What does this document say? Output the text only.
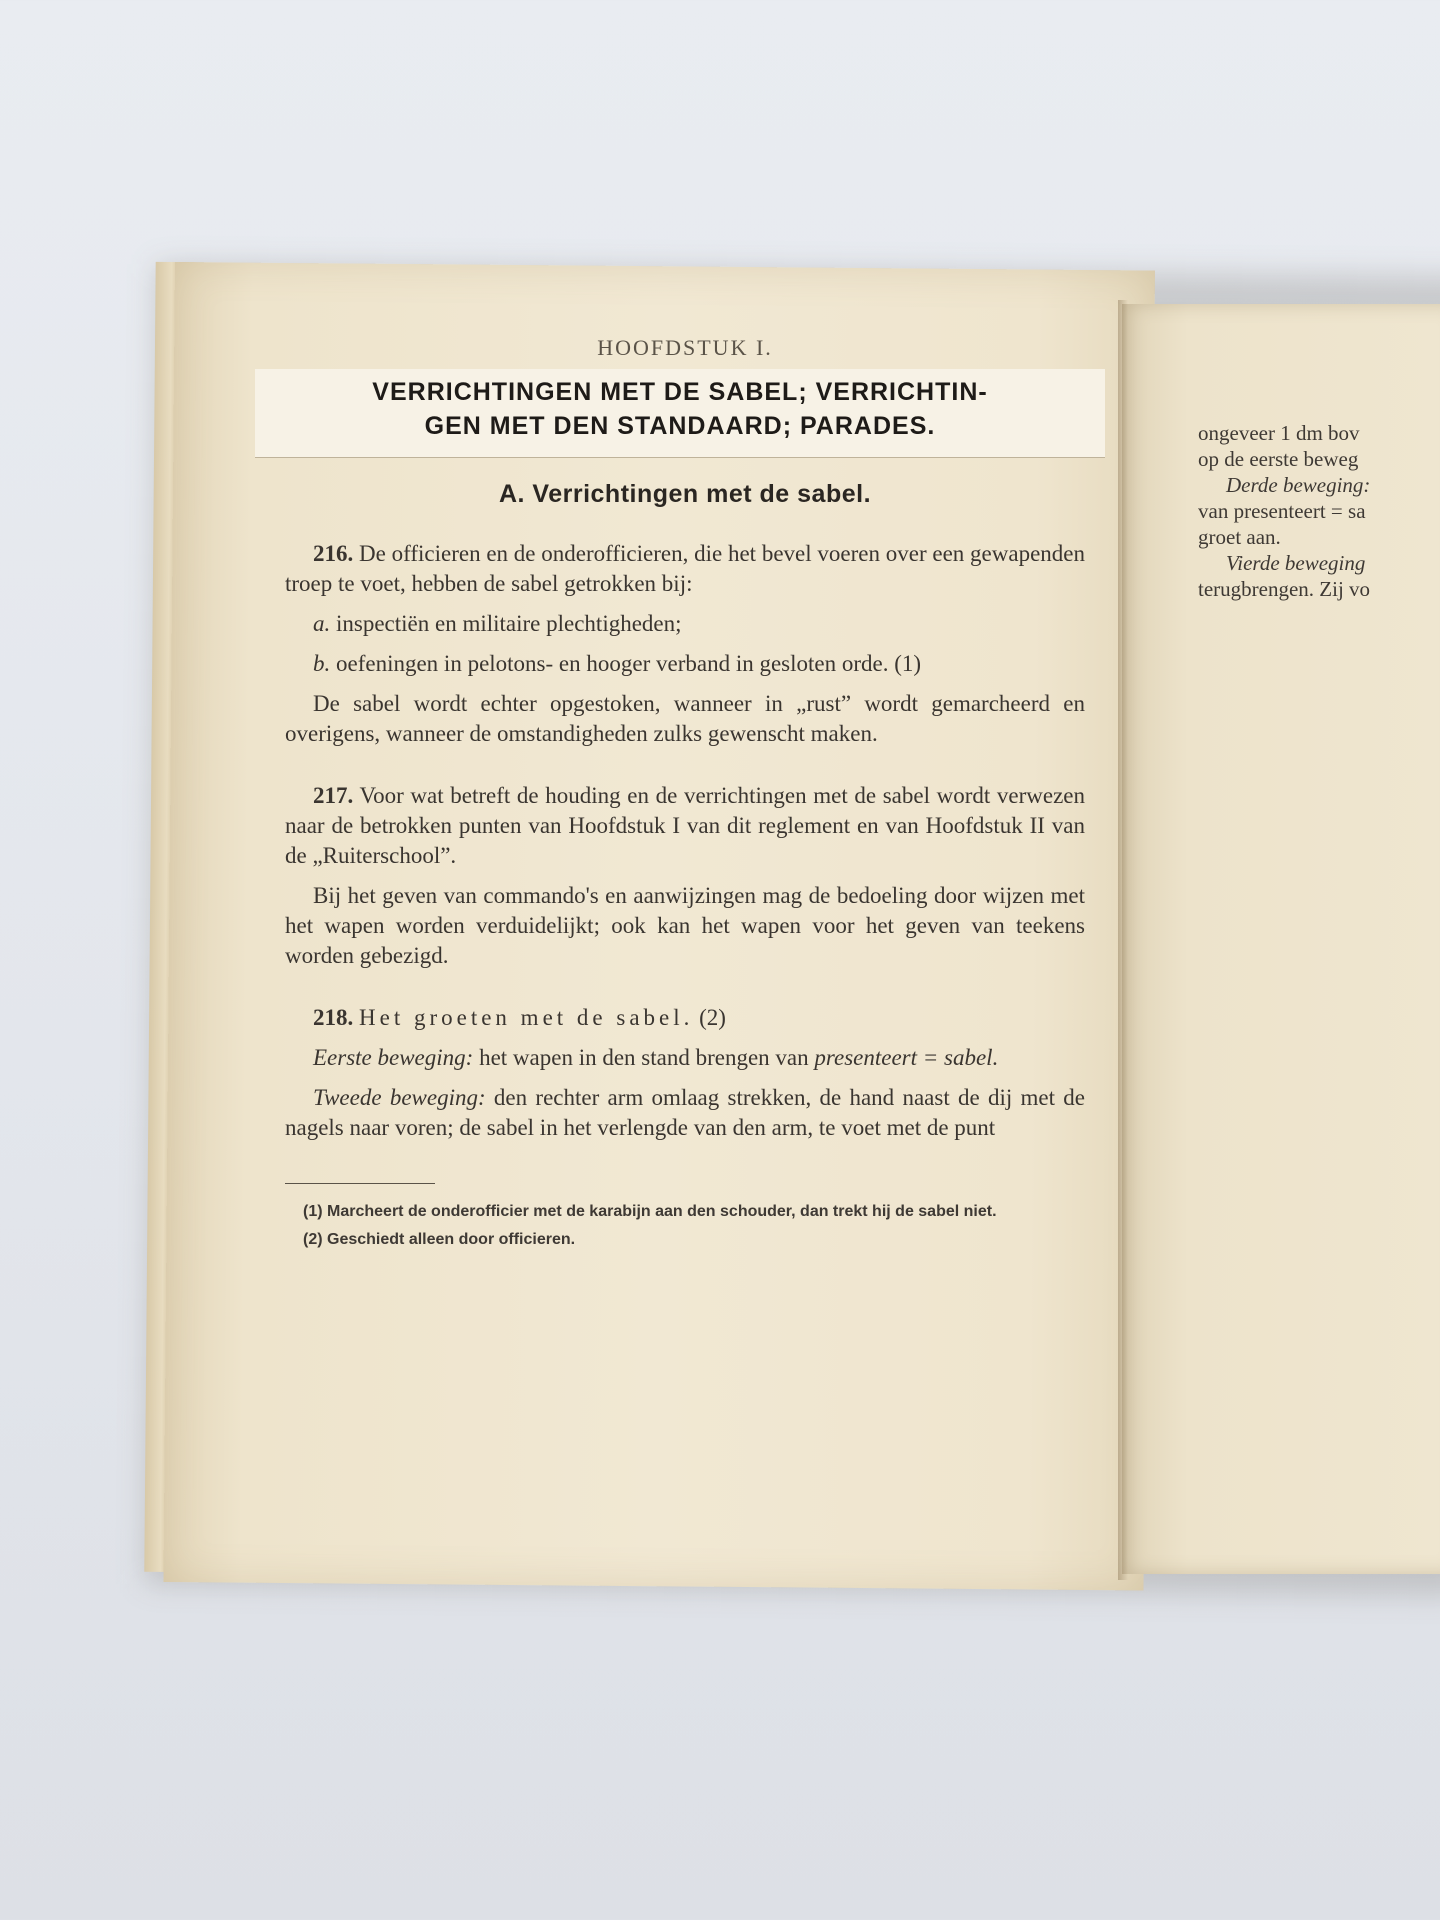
HOOFDSTUK I.
VERRICHTINGEN MET DE SABEL; VERRICHTIN-
GEN MET DEN STANDAARD; PARADES.
A. Verrichtingen met de sabel.

216. De officieren en de onderofficieren, die het bevel voeren over een gewapenden troep te voet, hebben de sabel getrokken bij:

a. inspectiën en militaire plechtigheden;

b. oefeningen in pelotons- en hooger verband in gesloten orde. (1)

De sabel wordt echter opgestoken, wanneer in „rust” wordt gemarcheerd en overigens, wanneer de omstandigheden zulks gewenscht maken.

217. Voor wat betreft de houding en de verrichtingen met de sabel wordt verwezen naar de betrokken punten van Hoofdstuk I van dit reglement en van Hoofdstuk II van de „Ruiterschool”.

Bij het geven van commando's en aanwijzingen mag de bedoeling door wijzen met het wapen worden verduidelijkt; ook kan het wapen voor het geven van teekens worden gebezigd.

218. Het groeten met de sabel. (2)

Eerste beweging: het wapen in den stand brengen van presenteert = sabel.

Tweede beweging: den rechter arm omlaag strekken, de hand naast de dij met de nagels naar voren; de sabel in het verlengde van den arm, te voet met de punt

(1) Marcheert de onderofficier met de karabijn aan den schouder, dan trekt hij de sabel niet.

(2) Geschiedt alleen door officieren.

ongeveer 1 dm bov
op de eerste beweg
Derde beweging:
van presenteert = sa
groet aan.
Vierde beweging
terugbrengen. Zij vo
